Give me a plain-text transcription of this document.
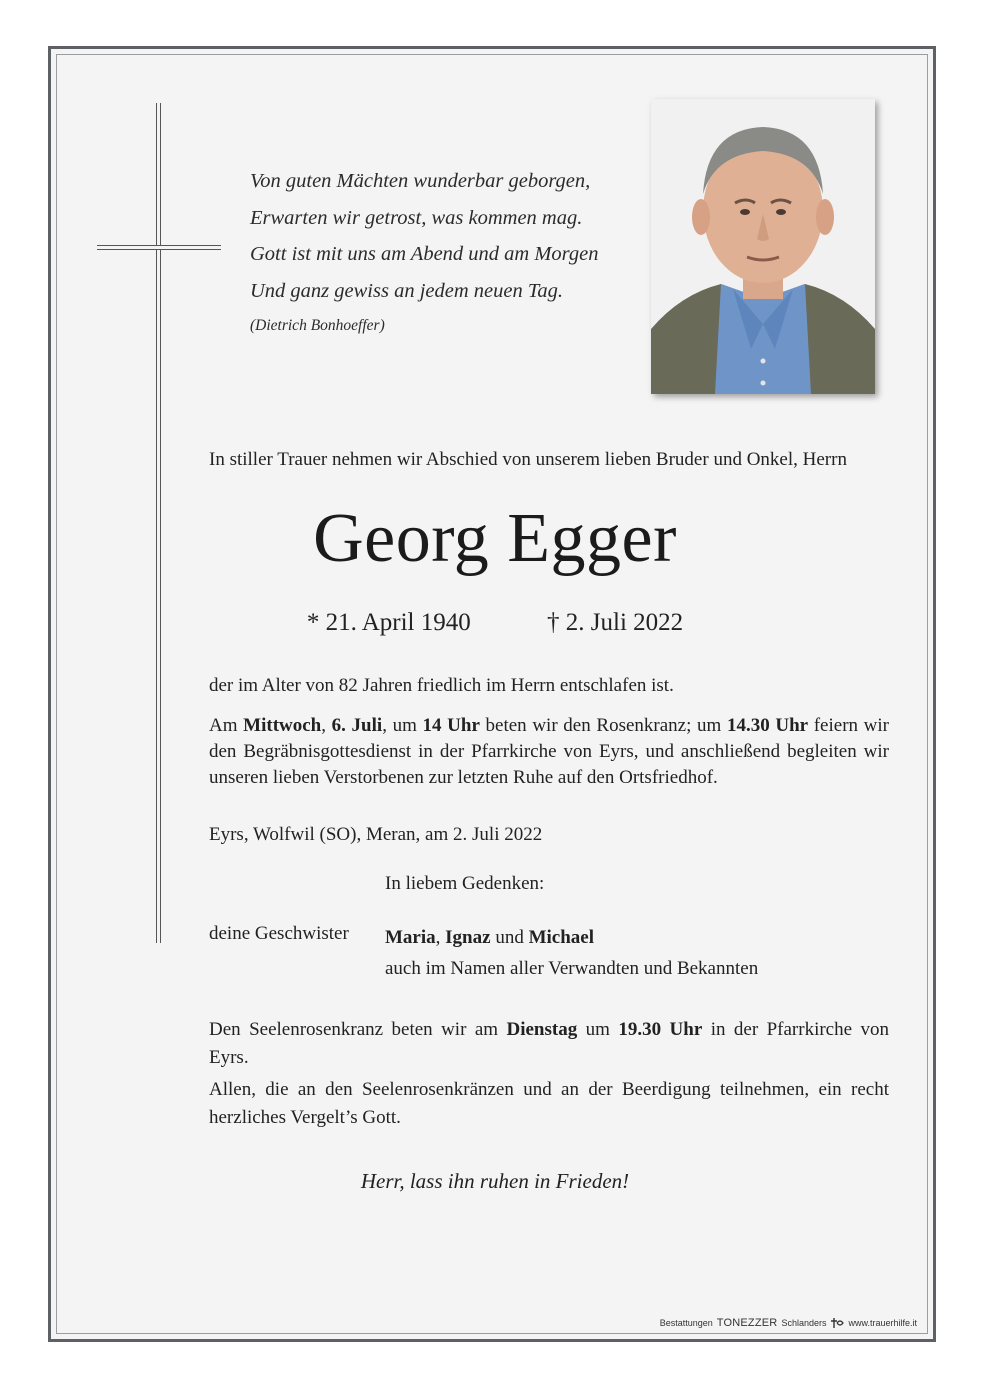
Von guten Mächten wunderbar geborgen,
Erwarten wir getrost, was kommen mag.
Gott ist mit uns am Abend und am Morgen
Und ganz gewiss an jedem neuen Tag.
(Dietrich Bonhoeffer)
In stiller Trauer nehmen wir Abschied von unserem lieben Bruder und Onkel, Herrn
Georg Egger
* 21. April 1940	† 2. Juli 2022
der im Alter von 82 Jahren friedlich im Herrn entschlafen ist.
Am Mittwoch, 6. Juli, um 14 Uhr beten wir den Rosenkranz; um 14.30 Uhr feiern wir den Begräbnisgottesdienst in der Pfarrkirche von Eyrs, und anschließend begleiten wir unseren lieben Verstorbenen zur letzten Ruhe auf den Ortsfriedhof.
Eyrs, Wolfwil (SO), Meran, am 2. Juli 2022
In liebem Gedenken:
deine Geschwister Maria, Ignaz und Michael
auch im Namen aller Verwandten und Bekannten
Den Seelenrosenkranz beten wir am Dienstag um 19.30 Uhr in der Pfarrkirche von Eyrs.
Allen, die an den Seelenrosenkränzen und an der Beerdigung teilnehmen, ein recht herzliches Vergelt’s Gott.
Herr, lass ihn ruhen in Frieden!
Bestattungen TONEZZER Schlanders www.trauerhilfe.it
